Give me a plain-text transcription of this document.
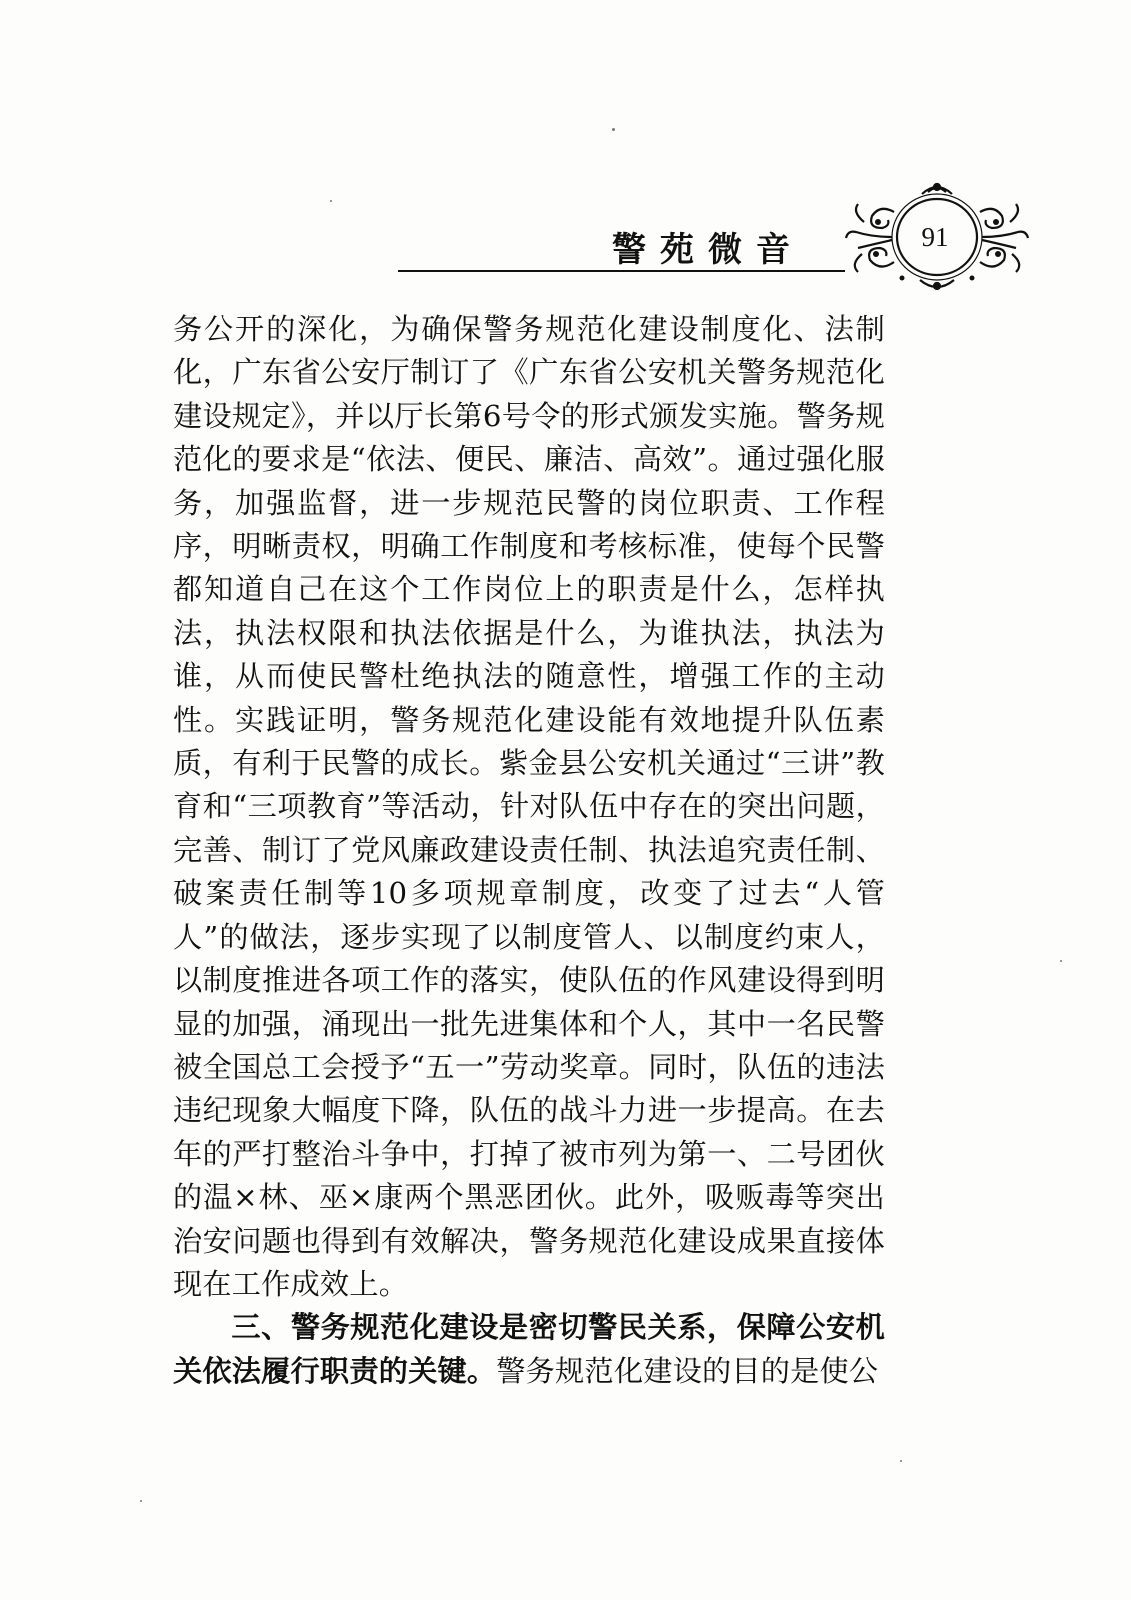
警苑微音	91

务公开的深化，为确保警务规范化建设制度化、法制化，广东省公安厅制订了《广东省公安机关警务规范化建设规定》，并以厅长第6号令的形式颁发实施。警务规范化的要求是“依法、便民、廉洁、高效”。通过强化服务，加强监督，进一步规范民警的岗位职责、工作程序，明晰责权，明确工作制度和考核标准，使每个民警都知道自己在这个工作岗位上的职责是什么，怎样执法，执法权限和执法依据是什么，为谁执法，执法为谁，从而使民警杜绝执法的随意性，增强工作的主动性。实践证明，警务规范化建设能有效地提升队伍素质，有利于民警的成长。紫金县公安机关通过“三讲”教育和“三项教育”等活动，针对队伍中存在的突出问题，完善、制订了党风廉政建设责任制、执法追究责任制、破案责任制等10多项规章制度，改变了过去“人管人”的做法，逐步实现了以制度管人、以制度约束人，以制度推进各项工作的落实，使队伍的作风建设得到明显的加强，涌现出一批先进集体和个人，其中一名民警被全国总工会授予“五一”劳动奖章。同时，队伍的违法违纪现象大幅度下降，队伍的战斗力进一步提高。在去年的严打整治斗争中，打掉了被市列为第一、二号团伙的温×林、巫×康两个黑恶团伙。此外，吸贩毒等突出治安问题也得到有效解决，警务规范化建设成果直接体现在工作成效上。

三、警务规范化建设是密切警民关系，保障公安机关依法履行职责的关键。警务规范化建设的目的是使公
